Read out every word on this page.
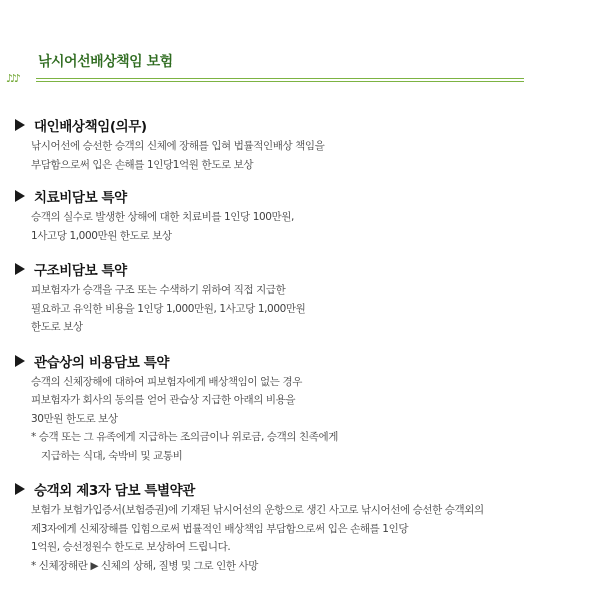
낚시어선배상책임 보험
♪♪♪
대인배상책임(의무)
낚시어선에 승선한 승객의 신체에 장해를 입혀 법률적인배상 책임을
부담함으로써 입은 손해를 1인당1억원 한도로 보상
치료비담보 특약
승객의 실수로 발생한 상해에 대한 치료비를 1인당 100만원,
1사고당 1,000만원 한도로 보상
구조비담보 특약
피보험자가 승객을 구조 또는 수색하기 위하여 직접 지급한
필요하고 유익한 비용을 1인당 1,000만원, 1사고당 1,000만원
한도로 보상
관습상의 비용담보 특약
승객의 신체장해에 대하여 피보험자에게 배상책임이 없는 경우
피보험자가 회사의 동의를 얻어 관습상 지급한 아래의 비용을
30만원 한도로 보상
* 승객 또는 그 유족에게 지급하는 조의금이나 위로금, 승객의 친족에게
지급하는 식대, 숙박비 및 교통비
승객외 제3자 담보 특별약관
보험가 보험가입증서(보험증권)에 기재된 낚시어선의 운항으로 생긴 사고로 낚시어선에 승선한 승객외의
제3자에게 신체장해를 입힘으로써 법률적인 배상책임 부담함으로써 입은 손해를 1인당
1억원, 승선정원수 한도로 보상하여 드립니다.
* 신체장해란 ▶ 신체의 상해, 질병 및 그로 인한 사망
